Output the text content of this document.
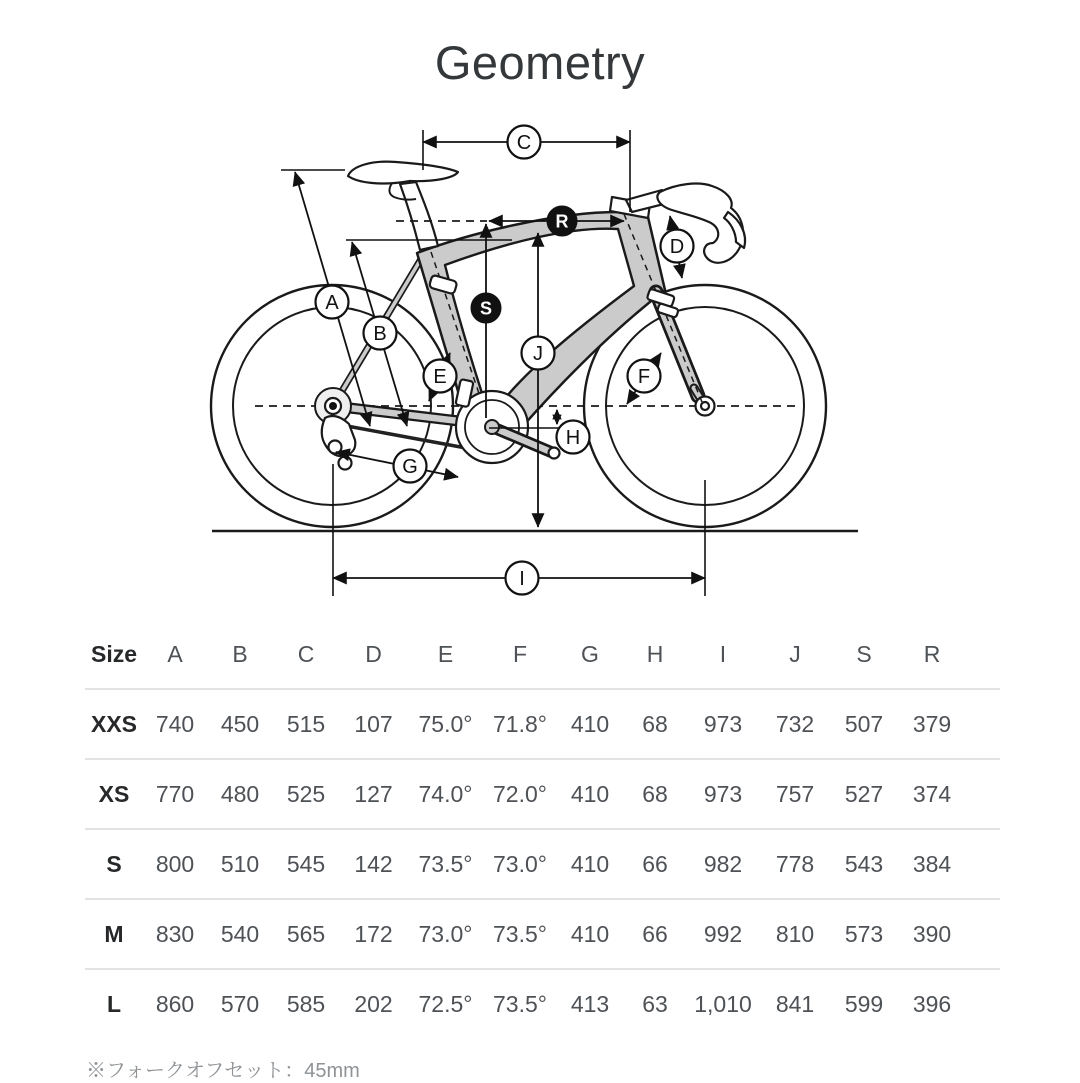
Geometry
A
B
C
D
E	F
G
H
I
J
R
S
Size	A	B	C	D	E	F	G	H	I	J	S	R	
XXS	740	450	515	107	75.0°	71.8°	410	68	973	732	507	379	
XS	770	480	525	127	74.0°	72.0°	410	68	973	757	527	374	
S	800	510	545	142	73.5°	73.0°	410	66	982	778	543	384	
M	830	540	565	172	73.0°	73.5°	410	66	992	810	573	390	
L	860	570	585	202	72.5°	73.5°	413	63	1,010	841	599	396	

※フォークオフセット：45mm
